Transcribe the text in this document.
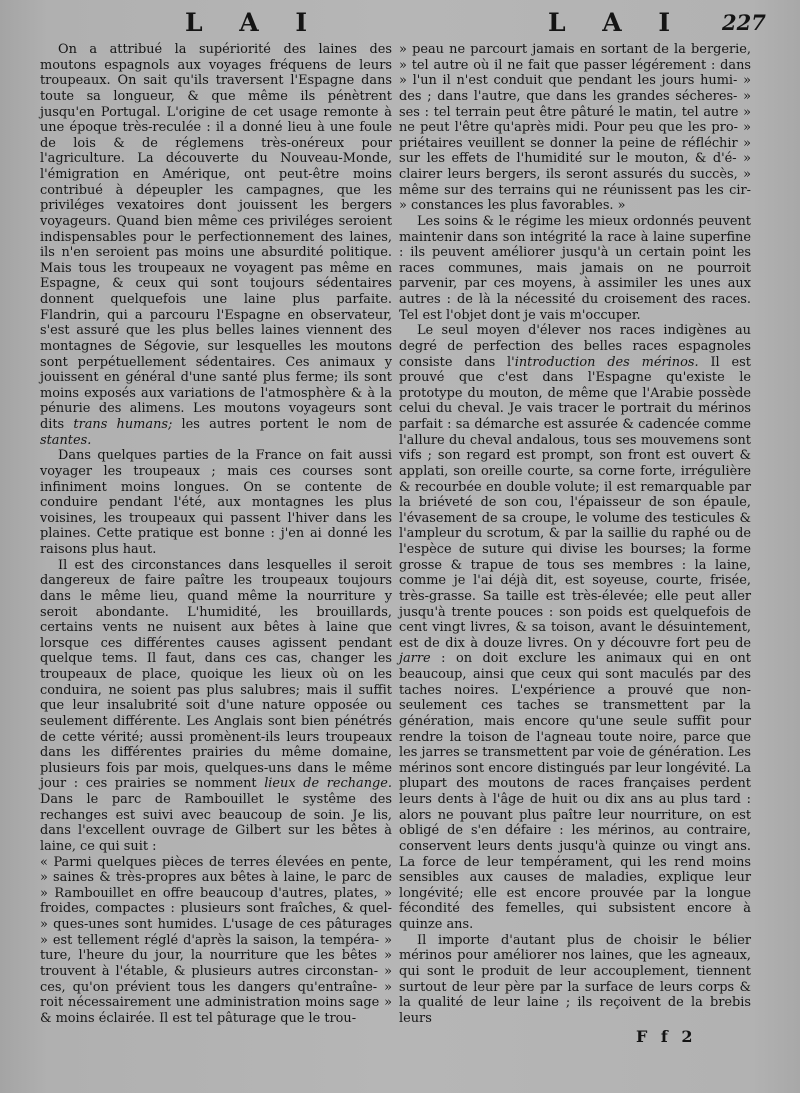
L A I	L A I 227

On a attribué la supériorité des laines des moutons espagnols aux voyages fréquens de leurs troupeaux. On sait qu'ils traversent l'Espagne dans toute sa longueur, & que même ils pénètrent jusqu'en Portugal. L'origine de cet usage remonte à une époque très-reculée : il a donné lieu à une foule de lois & de réglemens très-onéreux pour l'agriculture. La découverte du Nouveau-Monde, l'émigration en Amérique, ont peut-être moins contribué à dépeupler les campagnes, que les priviléges vexatoires dont jouissent les bergers voyageurs. Quand bien même ces priviléges seroient indispensables pour le perfectionnement des laines, ils n'en seroient pas moins une absurdité politique. Mais tous les troupeaux ne voyagent pas même en Espagne, & ceux qui sont toujours sédentaires donnent quelquefois une laine plus parfaite. Flandrin, qui a parcouru l'Espagne en observateur, s'est assuré que les plus belles laines viennent des montagnes de Ségovie, sur lesquelles les moutons sont perpétuellement sédentaires. Ces animaux y jouissent en général d'une santé plus ferme; ils sont moins exposés aux variations de l'atmosphère & à la pénurie des alimens. Les moutons voyageurs sont dits trans humans; les autres portent le nom de stantes.

Dans quelques parties de la France on fait aussi voyager les troupeaux ; mais ces courses sont infiniment moins longues. On se contente de conduire pendant l'été, aux montagnes les plus voisines, les troupeaux qui passent l'hiver dans les plaines. Cette pratique est bonne : j'en ai donné les raisons plus haut.

Il est des circonstances dans lesquelles il seroit dangereux de faire paître les troupeaux toujours dans le même lieu, quand même la nourriture y seroit abondante. L'humidité, les brouillards, certains vents ne nuisent aux bêtes à laine que lorsque ces différentes causes agissent pendant quelque tems. Il faut, dans ces cas, changer les troupeaux de place, quoique les lieux où on les conduira, ne soient pas plus salubres; mais il suffit que leur insalubrité soit d'une nature opposée ou seulement différente. Les Anglais sont bien pénétrés de cette vérité; aussi promènent-ils leurs troupeaux dans les différentes prairies du même domaine, plusieurs fois par mois, quelques-uns dans le même jour : ces prairies se nomment lieux de rechange. Dans le parc de Rambouillet le systême des rechanges est suivi avec beaucoup de soin. Je lis, dans l'excellent ouvrage de Gilbert sur les bêtes à laine, ce qui suit :

« Parmi quelques pièces de terres élevées en pente, » saines & très-propres aux bêtes à laine, le parc de » Rambouillet en offre beaucoup d'autres, plates, » froides, compactes : plusieurs sont fraîches, & quel- » ques-unes sont humides. L'usage de ces pâturages » est tellement réglé d'après la saison, la tempéra- » ture, l'heure du jour, la nourriture que les bêtes » trouvent à l'étable, & plusieurs autres circonstan- » ces, qu'on prévient tous les dangers qu'entraîne- » roit nécessairement une administration moins sage » & moins éclairée. Il est tel pâturage que le trou-

» peau ne parcourt jamais en sortant de la bergerie, » tel autre où il ne fait que passer légérement : dans » l'un il n'est conduit que pendant les jours humi- » des ; dans l'autre, que dans les grandes sécheres- » ses : tel terrain peut être pâturé le matin, tel autre » ne peut l'être qu'après midi. Pour peu que les pro- » priétaires veuillent se donner la peine de réfléchir » sur les effets de l'humidité sur le mouton, & d'é- » clairer leurs bergers, ils seront assurés du succès, » même sur des terrains qui ne réunissent pas les cir- » constances les plus favorables. »

Les soins & le régime les mieux ordonnés peuvent maintenir dans son intégrité la race à laine superfine : ils peuvent améliorer jusqu'à un certain point les races communes, mais jamais on ne pourroit parvenir, par ces moyens, à assimiler les unes aux autres : de là la nécessité du croisement des races. Tel est l'objet dont je vais m'occuper.

Le seul moyen d'élever nos races indigènes au degré de perfection des belles races espagnoles consiste dans l'introduction des mérinos. Il est prouvé que c'est dans l'Espagne qu'existe le prototype du mouton, de même que l'Arabie possède celui du cheval. Je vais tracer le portrait du mérinos parfait : sa démarche est assurée & cadencée comme l'allure du cheval andalous, tous ses mouvemens sont vifs ; son regard est prompt, son front est ouvert & applati, son oreille courte, sa corne forte, irrégulière & recourbée en double volute; il est remarquable par la briéveté de son cou, l'épaisseur de son épaule, l'évasement de sa croupe, le volume des testicules & l'ampleur du scrotum, & par la saillie du raphé ou de l'espèce de suture qui divise les bourses; la forme grosse & trapue de tous ses membres : la laine, comme je l'ai déjà dit, est soyeuse, courte, frisée, très-grasse. Sa taille est très-élevée; elle peut aller jusqu'à trente pouces : son poids est quelquefois de cent vingt livres, & sa toison, avant le désuintement, est de dix à douze livres. On y découvre fort peu de jarre : on doit exclure les animaux qui en ont beaucoup, ainsi que ceux qui sont maculés par des taches noires. L'expérience a prouvé que non-seulement ces taches se transmettent par la génération, mais encore qu'une seule suffit pour rendre la toison de l'agneau toute noire, parce que les jarres se transmettent par voie de génération. Les mérinos sont encore distingués par leur longévité. La plupart des moutons de races françaises perdent leurs dents à l'âge de huit ou dix ans au plus tard : alors ne pouvant plus paître leur nourriture, on est obligé de s'en défaire : les mérinos, au contraire, conservent leurs dents jusqu'à quinze ou vingt ans. La force de leur tempérament, qui les rend moins sensibles aux causes de maladies, explique leur longévité; elle est encore prouvée par la longue fécondité des femelles, qui subsistent encore à quinze ans.

Il importe d'autant plus de choisir le bélier mérinos pour améliorer nos laines, que les agneaux, qui sont le produit de leur accouplement, tiennent surtout de leur père par la surface de leurs corps & la qualité de leur laine ; ils reçoivent de la brebis leurs

F f 2
